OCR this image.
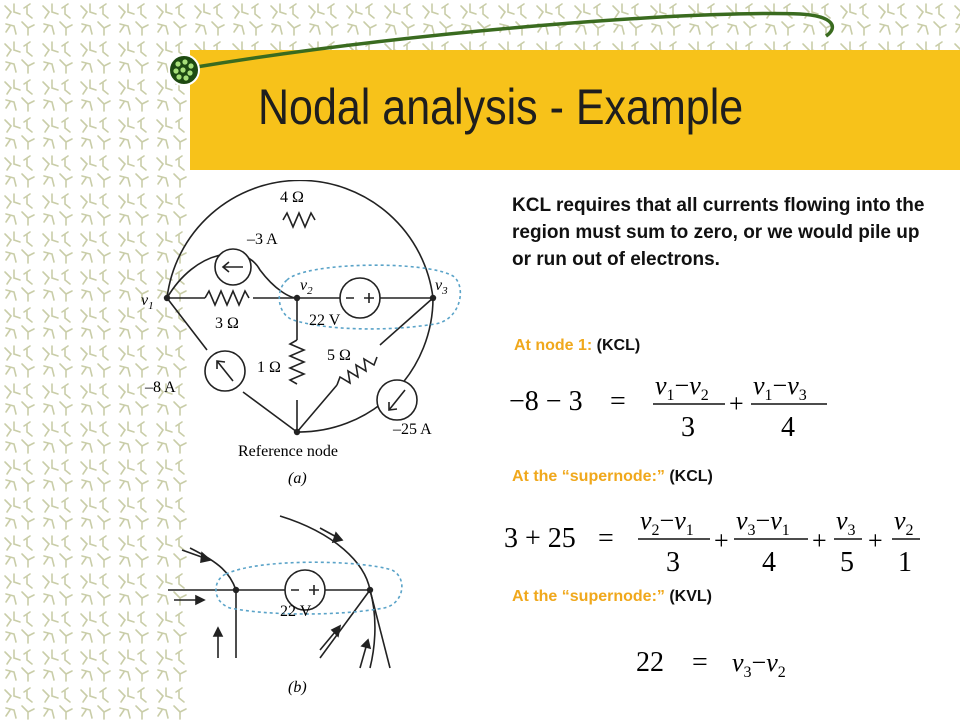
Nodal analysis - Example
4 Ω
–3 A
3 Ω
$v_1$
$v_2$	$v_3$
22 V
1 Ω
5 Ω
–8 A
–25 A
Reference node
(a)
22 V
(b)
KCL requires that all currents flowing into the region must sum to zero, or we would pile up or run out of electrons.
At node 1: (KCL)
At the “supernode:” (KCL)
At the “supernode:” (KVL)
−8 − 3 =
$v_1-v_2$
3
+
$v_1-v_3$
4
3 + 25 =
$v_2-v_1$
3
+
$v_3-v_1$
4
+
$v_3$
5
+
$v_2$
1
$22 = v_3-v_2$
